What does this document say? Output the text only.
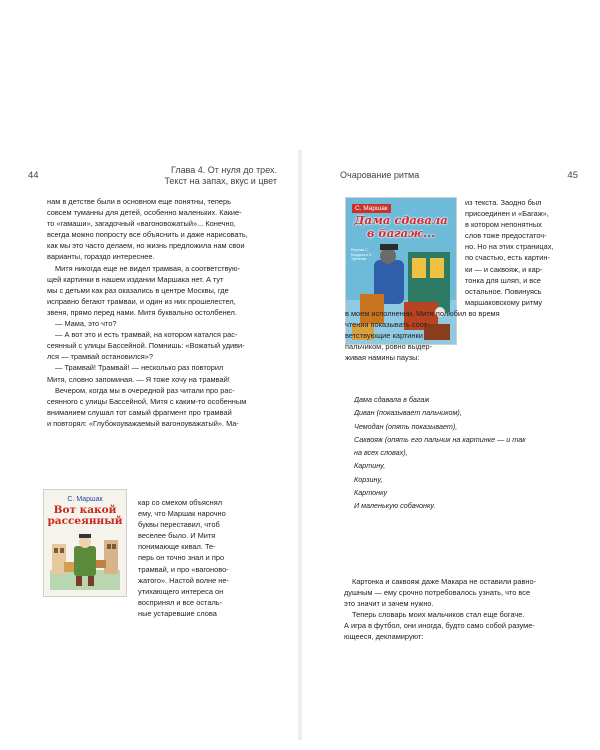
44	Глава 4. От нуля до трех.
Текст на запах, вкус и цвет
нам в детстве были в основном еще понятны, теперь
совсем туманны для детей, особенно маленьких. Какие-
то «гамаши», загадочный «вагоновожатый»... Конечно,
всегда можно попросту все объяснить и даже нарисовать,
как мы это часто делаем, но жизнь предложила нам свои
варианты, гораздо интереснее.
Митя никогда еще не видел трамвая, а соответствую-
щей картинки в нашем издании Маршака нет. А тут
мы с детьми как раз оказались в центре Москвы, где
исправно бегают трамваи, и один из них прошелестел,
звеня, прямо перед нами. Митя буквально остолбенел.
— Мама, это что?
— А вот это и есть трамвай, на котором катался рас-
сеянный с улицы Бассейной. Помнишь: «Вожатый удиви-
лся — трамвай остановился»?
— Трамвай! Трамвай! — несколько раз повторил
Митя, словно запоминая. — Я тоже хочу на трамвай!
Вечером, когда мы в очередной раз читали про рас-
сеянного с улицы Бассейной, Митя с каким-то особенным
вниманием слушал тот самый фрагмент про трамвай
и повторял: «Глубокоуважаемый вагоноуважатый». Ма-
кар со смехом объяснял
ему, что Маршак нарочно
буквы переставил, чтоб
веселее было. И Митя
понимающе кивал. Те-
перь он точно знал и про
трамвай, и про «вагоново-
жатого». Настой волне не-
утихающего интереса он
воспринял и все осталь-
ные устаревшие слова
С. Маршак
Вот какой рассеянный
45
Очарование ритма
С. Маршак
Дама сдавала в багаж...
Рисунки С. Бордюга и Н. Трепенок
из текста. Заодно был
присоединен и «Багаж»,
в котором непонятных
слов тоже предостаточ-
но. Но на этих страницах,
по счастью, есть картин-
ки — и саквояж, и кар-
тонка для шляп, и все
остальное. Повинуясь
маршаковскому ритму
в моем исполнении, Митя полюбил во время
чтения показывать соот-
ветствующие картинки
пальчиком, ровно выдер-
живая намины паузы:
Дама сдавала в багаж
Диван (показывает пальчиком),
Чемодан (опять показывает),
Саквояж (опять его пальчик на картинке — и так
на всех словах),
Картину,
Корзину,
Картонку
И маленькую собачонку.
Картонка и саквояж даже Макара не оставили равно-
душным — ему срочно потребовалось узнать, что все
это значит и зачем нужно.
Теперь словарь моих мальчиков стал еще богаче.
А игра в футбол, они иногда, будто само собой разуме-
ющееся, декламируют:
